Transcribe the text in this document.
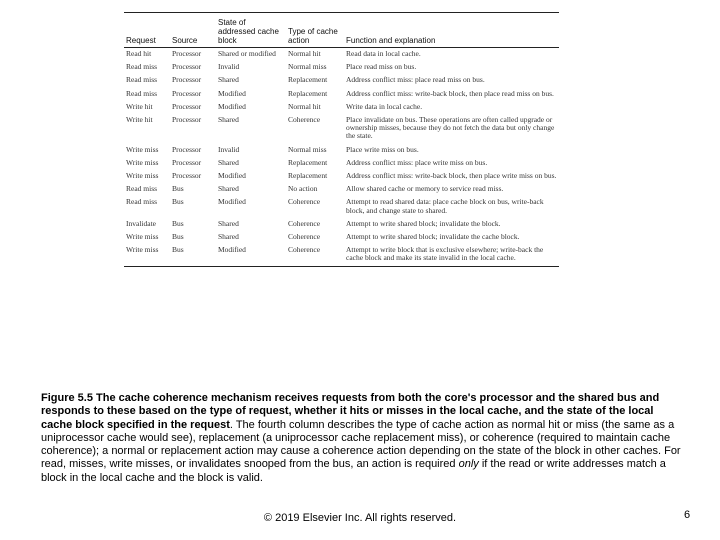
Request	Source	State of addressed cache block	Type of cache action	Function and explanation
Read hit	Processor	Shared or modified	Normal hit	Read data in local cache.
Read miss	Processor	Invalid	Normal miss	Place read miss on bus.
Read miss	Processor	Shared	Replacement	Address conflict miss: place read miss on bus.
Read miss	Processor	Modified	Replacement	Address conflict miss: write-back block, then place read miss on bus.
Write hit	Processor	Modified	Normal hit	Write data in local cache.
Write hit	Processor	Shared	Coherence	Place invalidate on bus. These operations are often called upgrade or ownership misses, because they do not fetch the data but only change the state.
Write miss	Processor	Invalid	Normal miss	Place write miss on bus.
Write miss	Processor	Shared	Replacement	Address conflict miss: place write miss on bus.
Write miss	Processor	Modified	Replacement	Address conflict miss: write-back block, then place write miss on bus.
Read miss	Bus	Shared	No action	Allow shared cache or memory to service read miss.
Read miss	Bus	Modified	Coherence	Attempt to read shared data: place cache block on bus, write-back block, and change state to shared.
Invalidate	Bus	Shared	Coherence	Attempt to write shared block; invalidate the block.
Write miss	Bus	Shared	Coherence	Attempt to write shared block; invalidate the cache block.
Write miss	Bus	Modified	Coherence	Attempt to write block that is exclusive elsewhere; write-back the cache block and make its state invalid in the local cache.
Figure 5.5 The cache coherence mechanism receives requests from both the core's processor and the shared bus and responds to these based on the type of request, whether it hits or misses in the local cache, and the state of the local cache block specified in the request. The fourth column describes the type of cache action as normal hit or miss (the same as a uniprocessor cache would see), replacement (a uniprocessor cache replacement miss), or coherence (required to maintain cache coherence); a normal or replacement action may cause a coherence action depending on the state of the block in other caches. For read, misses, write misses, or invalidates snooped from the bus, an action is required only if the read or write addresses match a block in the local cache and the block is valid.
© 2019 Elsevier Inc. All rights reserved.	6
